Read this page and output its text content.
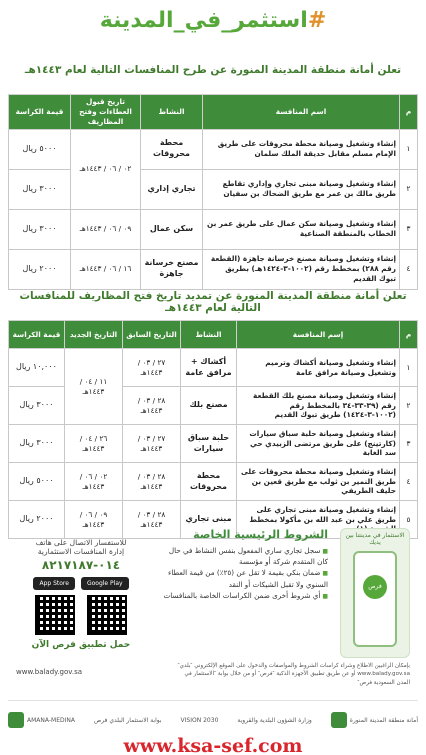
#استثمر_في_المدينة
تعلن أمانة منطقة المدينة المنورة عن طرح المنافسات التالية لعام ١٤٤٣هـ
م	اسم المنافسة	النشاط	تاريخ قبول العطاءات وفتح المظاريف	قيمة الكراسة
١	إنشاء وتشغيل وصيانة محطة محروقات على طريق الإمام مسلم مقابل حديقة الملك سلمان	محطة محروقات	٠٢ / ٠٦ / ١٤٤٣هـ	٥٠٠٠ ريال
٢	إنشاء وتشغيل وصيانة مبنى تجاري وإداري تقاطع طريق مالك بن عمر مع طريق الضحاك بن سفيان	تجاري إداري		٣٠٠٠ ريال
٣	إنشاء وتشغيل وصيانة سكن عمال على طريق عمر بن الخطاب بالمنطقة الصناعية	سكن عمال	٠٩ / ٠٦ / ١٤٤٣هـ	٣٠٠٠ ريال
٤	إنشاء وتشغيل وصيانة مصنع خرسانة جاهزة (القطعة رقم ٢٨٨) بمخطط رقم (١٠٠٢-٣-١٤٢٤هـ) بطريق تبوك القديم	مصنع خرسانة جاهزة	١٦ / ٠٦ / ١٤٤٣هـ	٢٠٠٠ ريال
تعلن أمانة منطقة المدينة المنورة عن تمديد تاريخ فتح المظاريف للمنافسات التالية لعام ١٤٤٣هـ
م	إسم المنافسة	النشاط	التاريخ السابق	التاريخ الجديد	قيمة الكراسة
١	إنشاء وتشغيل وصيانة أكشاك وترميم وتشغيل وصيانة مرافق عامة	أكشاك + مرافق عامة	٢٧ / ٠٣ / ١٤٤٣هـ	١١ / ٠٤ / ١٤٤٣هـ	١٠,٠٠٠ ريال
٢	إنشاء وتشغيل وصيانة مصنع بلك القطعة رقم (٣٩-٣٣-٣٤ بالمخطط رقم (١٠٠٢-٣-١٤٢٤) طريق تبوك القديم	مصنع بلك	٢٨ / ٠٣ / ١٤٤٣هـ		٣٠٠٠ ريال
٣	إنشاء وتشغيل وصيانة حلبة سباق سيارات (كارتينج) على طريق مرتضى الزبيدي حي سد الغابة	حلبة سباق سيارات	٢٧ / ٠٣ / ١٤٤٣هـ	٢٦ / ٠٤ / ١٤٤٣هـ	٣٠٠٠ ريال
٤	إنشاء وتشغيل وصيانة محطة محروقات على طريق النمير بن ثولب مع طريق قعين بن حليف الطريفي	محطة محروقات	٢٨ / ٠٣ / ١٤٤٣هـ	٠٢ / ٠٦ / ١٤٤٣هـ	٥٠٠٠ ريال
٥	إنشاء وتشغيل وصيانة مبنى تجاري على طريق علي بن عبد الله بن مأكولا بمخطط	مبنى تجاري	٢٨ / ٠٣ / ١٤٤٣هـ	٠٩ / ٠٦ / ١٤٤٣هـ	٢٠٠٠ ريال
الاستثمار في مدينتنا بين يديك
فرص
الشروط الرئيسية الخاصة
■ سجل تجاري ساري المفعول بنفس النشاط في حال كان المتقدم شركة أو مؤسسة
■ ضمان بنكي بقيمة لا تقل عن (٢٥٪) من قيمة العطاء السنوي ولا تقبل الشيكات أو النقد
■ أي شروط أخرى ضمن الكراسات الخاصة بالمنافسات
للاستفسار الاتصال على هاتف
إدارة المنافسات الاستثمارية
٠١٤-٨٢١٧١٨٧
Google Play
App Store
حمل تطبيق فرص الآن
بإمكان الراغبين الاطلاع وشراء كراسات الشروط والمواصفات والدخول على الموقع الإلكتروني ″بلدي″ www.balady.gov.sa أو عن طريق تطبيق الأجهزة الذكية ″فرص″ أو من خلال بوابة ″الاستثمار في المدن السعودية فرص″
www.balady.gov.sa
AMANA-MEDINA	بوابة الاستثمار البلدي فرص	VISION 2030	وزارة الشؤون البلدية والقروية	أمانة منطقة المدينة المنورة
www.ksa-sef.com
